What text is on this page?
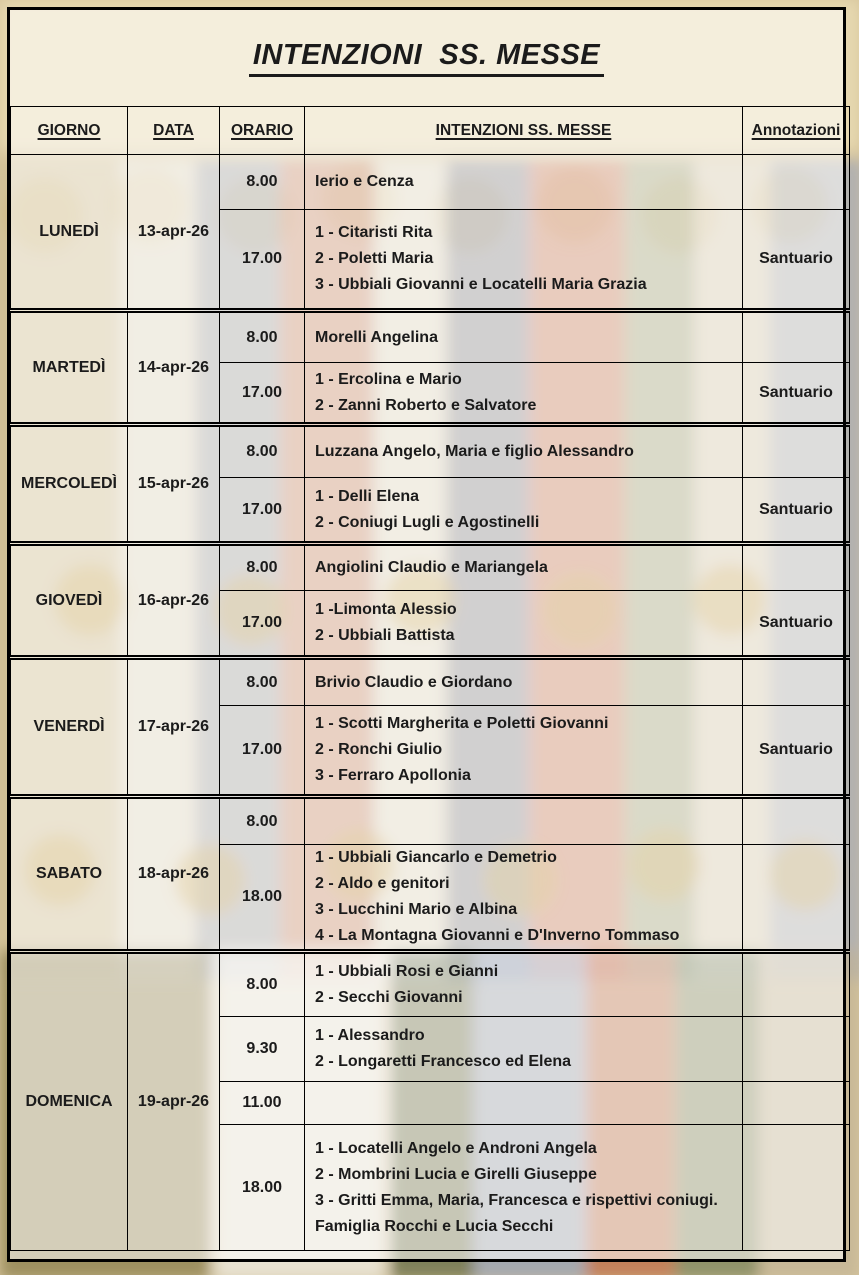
INTENZIONI  SS. MESSE
GIORNO	DATA	ORARIO	INTENZIONI SS. MESSE	Annotazioni
LUNEDÌ	13-apr-26	8.00	Ierio e Cenza	

		17.00	1 - Citaristi Rita
2 - Poletti Maria
3 - Ubbiali Giovanni e Locatelli Maria Grazia	Santuario
MARTEDÌ	14-apr-26	8.00	Morelli Angelina	

		17.00	1 - Ercolina e Mario
2 - Zanni Roberto e Salvatore	Santuario
MERCOLEDÌ	15-apr-26	8.00	Luzzana Angelo, Maria e figlio Alessandro	

		17.00	1 - Delli Elena
2 - Coniugi Lugli e Agostinelli	Santuario
GIOVEDÌ	16-apr-26	8.00	Angiolini Claudio e Mariangela	

		17.00	1 -Limonta Alessio
2 - Ubbiali Battista	Santuario
VENERDÌ	17-apr-26	8.00	Brivio Claudio e Giordano	

		17.00	1 - Scotti Margherita e Poletti Giovanni
2 - Ronchi Giulio
3 - Ferraro Apollonia	Santuario
SABATO	18-apr-26	8.00		
		18.00	1 - Ubbiali Giancarlo e Demetrio
2 - Aldo e genitori
3 - Lucchini Mario e Albina
4 - La Montagna Giovanni e D'Inverno Tommaso	

DOMENICA	19-apr-26	8.00	1 - Ubbiali Rosi e Gianni
2 - Secchi Giovanni	

		9.30	1 - Alessandro
2 - Longaretti Francesco ed Elena	

		11.00		
		18.00	1 - Locatelli Angelo e Androni Angela
2 - Mombrini Lucia e Girelli Giuseppe
3 - Gritti Emma, Maria, Francesca e rispettivi coniugi. Famiglia Rocchi e Lucia Secchi	
